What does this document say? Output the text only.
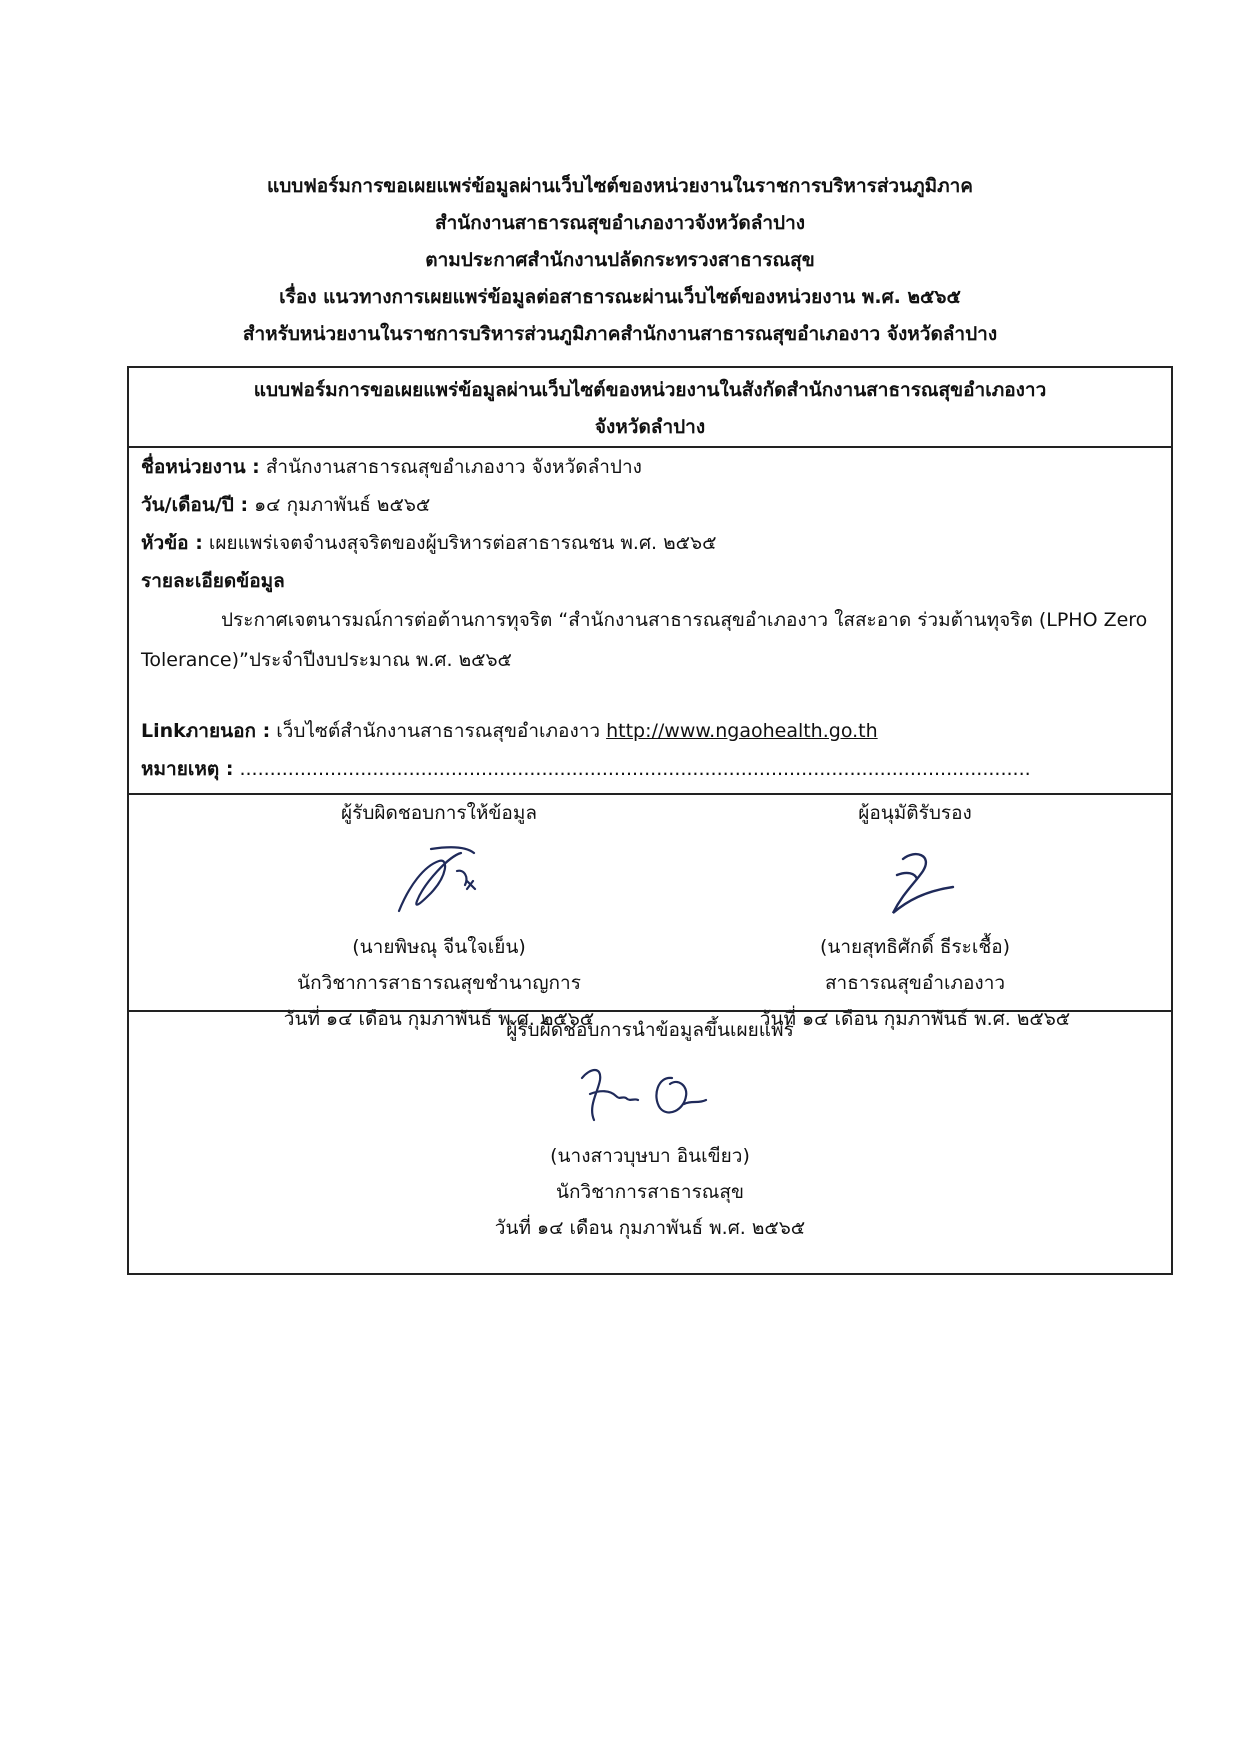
แบบฟอร์มการขอเผยแพร่ข้อมูลผ่านเว็บไซต์ของหน่วยงานในราชการบริหารส่วนภูมิภาค
สำนักงานสาธารณสุขอำเภองาวจังหวัดลำปาง
ตามประกาศสำนักงานปลัดกระทรวงสาธารณสุข
เรื่อง แนวทางการเผยแพร่ข้อมูลต่อสาธารณะผ่านเว็บไซต์ของหน่วยงาน พ.ศ. ๒๕๖๕
สำหรับหน่วยงานในราชการบริหารส่วนภูมิภาคสำนักงานสาธารณสุขอำเภองาว จังหวัดลำปาง
แบบฟอร์มการขอเผยแพร่ข้อมูลผ่านเว็บไซต์ของหน่วยงานในสังกัดสำนักงานสาธารณสุขอำเภองาว
จังหวัดลำปาง
ชื่อหน่วยงาน : สำนักงานสาธารณสุขอำเภองาว จังหวัดลำปาง
วัน/เดือน/ปี : ๑๔ กุมภาพันธ์ ๒๕๖๕
หัวข้อ : เผยแพร่เจตจำนงสุจริตของผู้บริหารต่อสาธารณชน พ.ศ. ๒๕๖๕
รายละเอียดข้อมูล
ประกาศเจตนารมณ์การต่อต้านการทุจริต “สำนักงานสาธารณสุขอำเภองาว ใสสะอาด ร่วมต้านทุจริต (LPHO Zero Tolerance)”ประจำปีงบประมาณ พ.ศ. ๒๕๖๕
Linkภายนอก : เว็บไซต์สำนักงานสาธารณสุขอำเภองาว http://www.ngaohealth.go.th
หมายเหตุ : ...................................................................................................................................
ผู้รับผิดชอบการให้ข้อมูล
(นายพิษณุ จีนใจเย็น)
นักวิชาการสาธารณสุขชำนาญการ
วันที่ ๑๔ เดือน กุมภาพันธ์ พ.ศ. ๒๕๖๕
ผู้อนุมัติรับรอง
(นายสุทธิศักดิ์ ธีระเชื้อ)
สาธารณสุขอำเภองาว
วันที่ ๑๔ เดือน กุมภาพันธ์ พ.ศ. ๒๕๖๕
ผู้รับผิดชอบการนำข้อมูลขึ้นเผยแพร่
(นางสาวบุษบา อินเขียว)
นักวิชาการสาธารณสุข
วันที่ ๑๔ เดือน กุมภาพันธ์ พ.ศ. ๒๕๖๕
